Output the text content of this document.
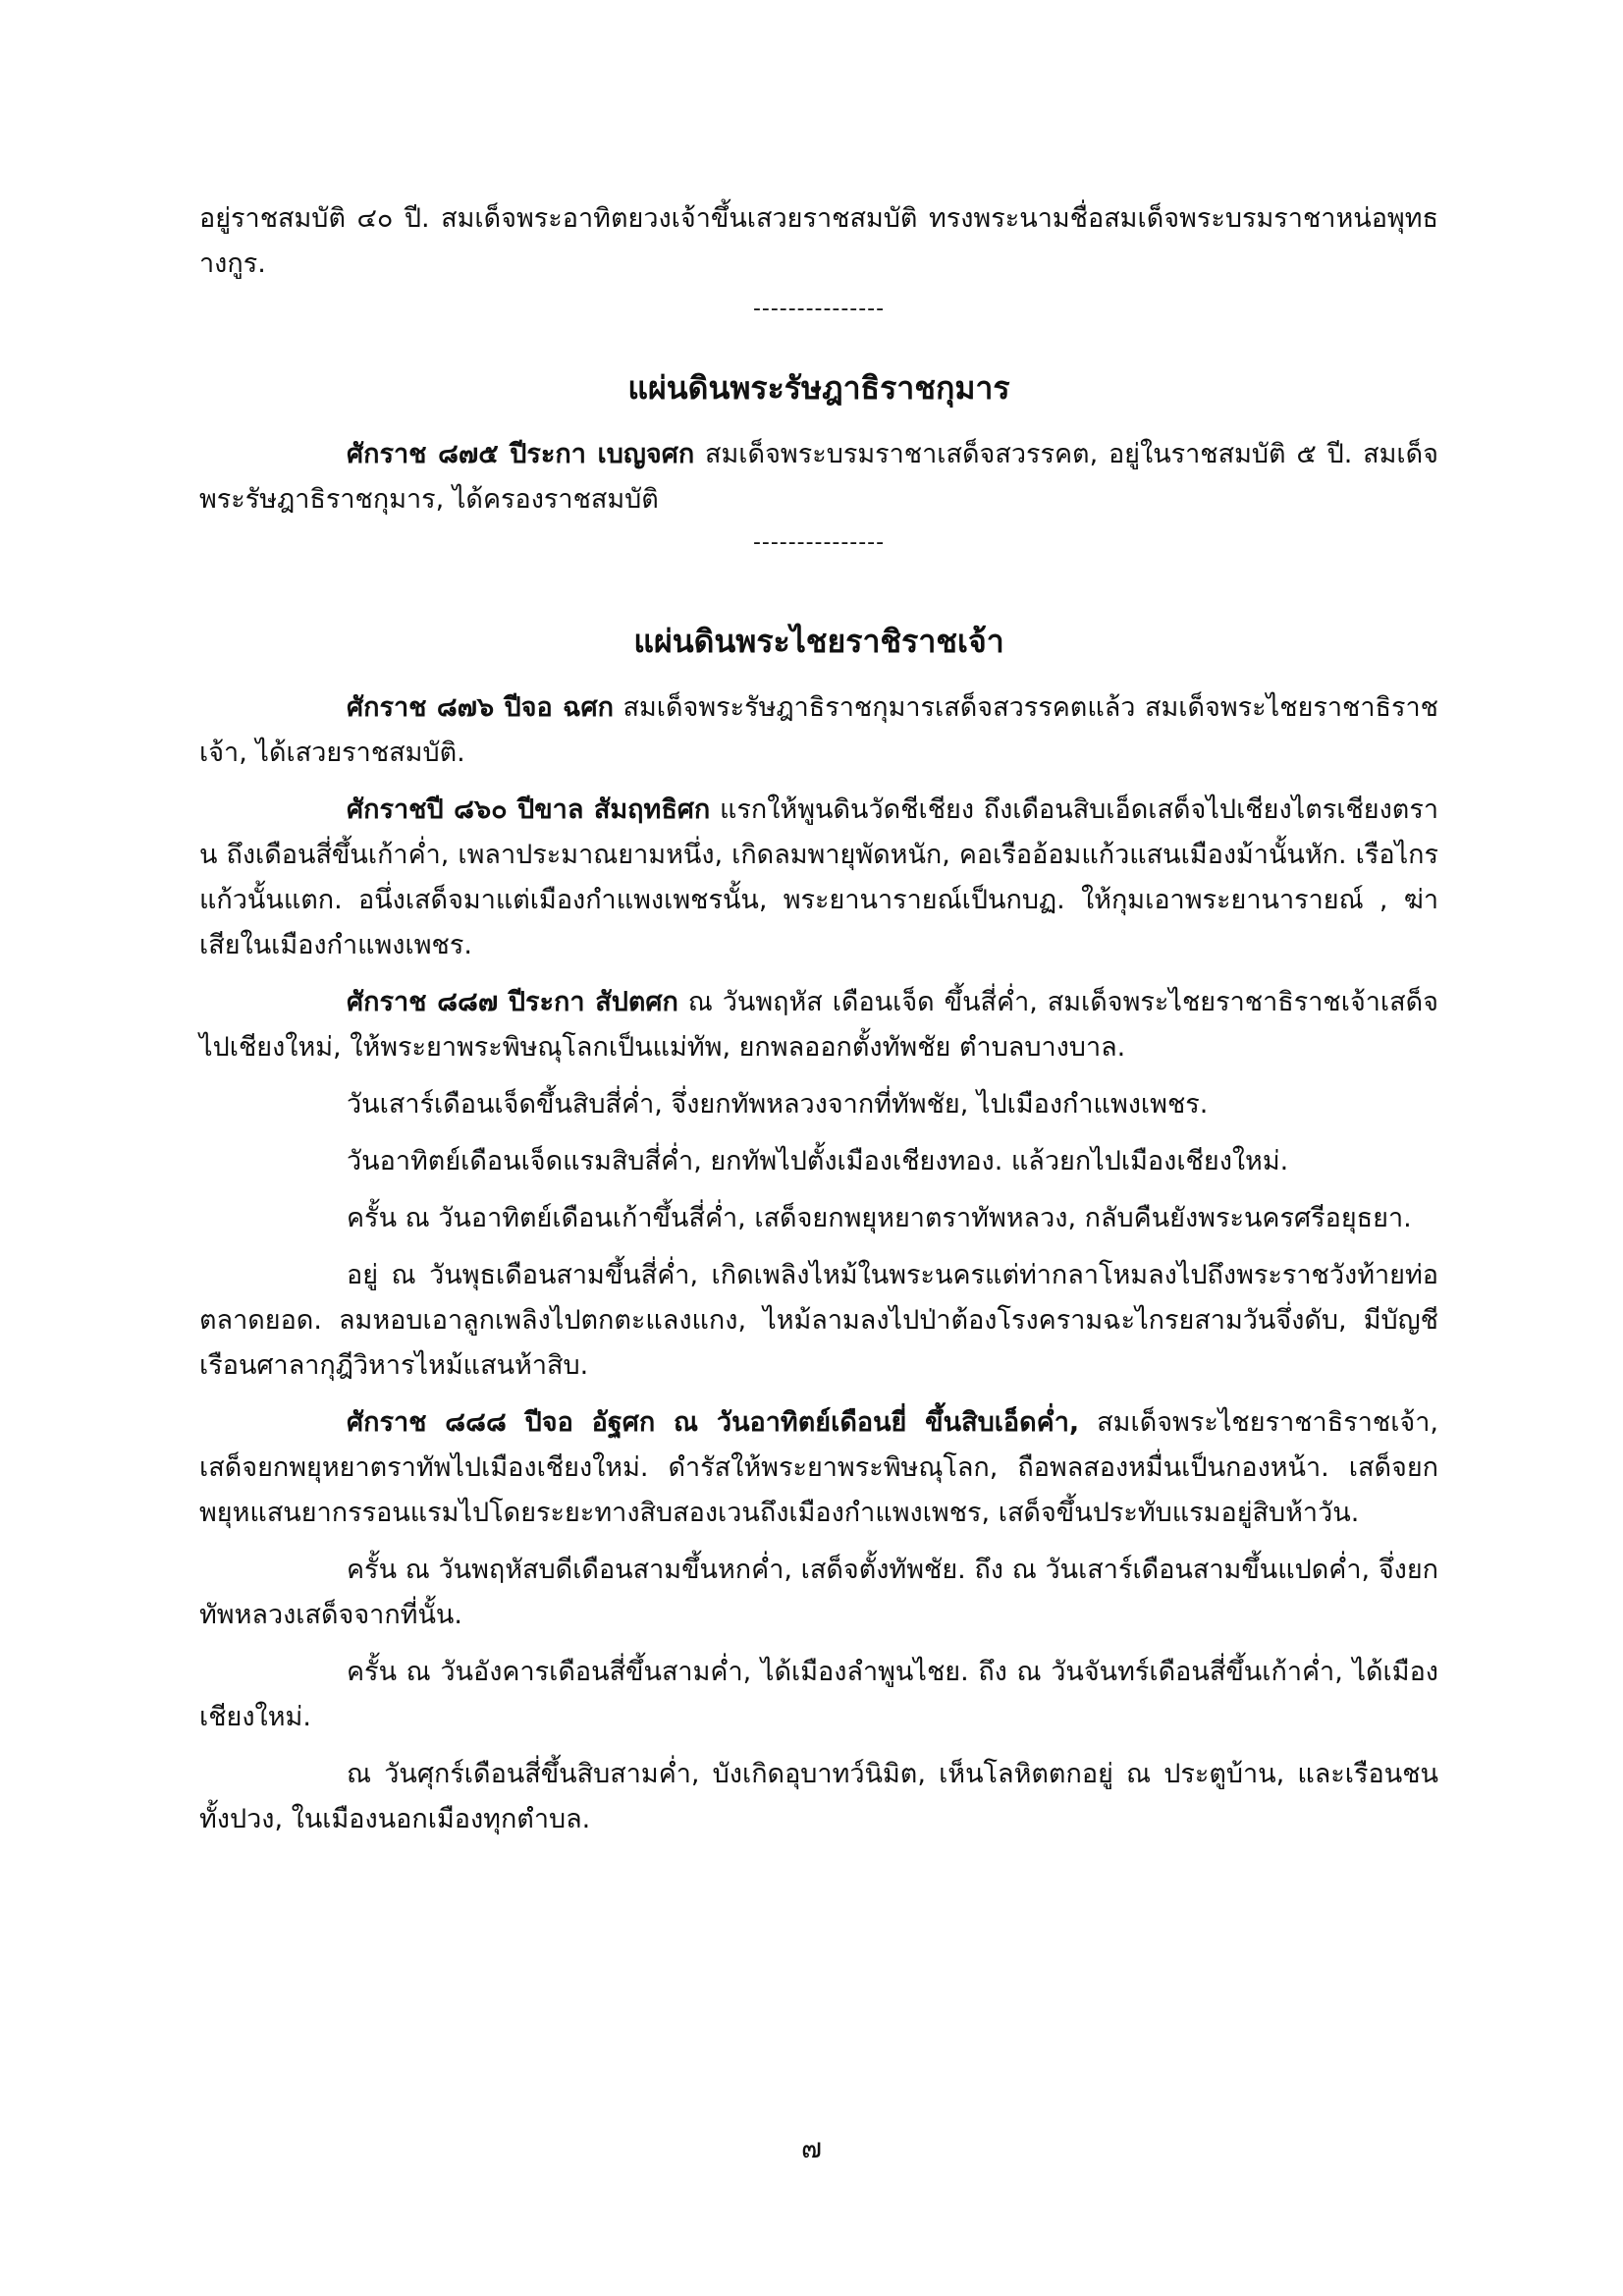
อยู่ราชสมบัติ ๔๐ ปี. สมเด็จพระอาทิตยวงเจ้าขึ้นเสวยราชสมบัติ ทรงพระนามชื่อสมเด็จพระบรมราชาหน่อพุทธางกูร.

---------------
แผ่นดินพระรัษฎาธิราชกุมาร

ศักราช ๘๗๕ ปีระกา เบญจศก สมเด็จพระบรมราชาเสด็จสวรรคต, อยู่ในราชสมบัติ ๕ ปี. สมเด็จพระรัษฎาธิราชกุมาร, ได้ครองราชสมบัติ

---------------
แผ่นดินพระไชยราชิราชเจ้า

ศักราช ๘๗๖ ปีจอ ฉศก สมเด็จพระรัษฎาธิราชกุมารเสด็จสวรรคตแล้ว สมเด็จพระไชยราชาธิราชเจ้า, ได้เสวยราชสมบัติ.

ศักราชปี ๘๖๐ ปีขาล สัมฤทธิศก แรกให้พูนดินวัดชีเชียง ถึงเดือนสิบเอ็ดเสด็จไปเชียงไตรเชียงตราน ถึงเดือนสี่ขึ้นเก้าค่ำ, เพลาประมาณยามหนึ่ง, เกิดลมพายุพัดหนัก, คอเรืออ้อมแก้วแสนเมืองม้านั้นหัก. เรือไกรแก้วนั้นแตก. อนึ่งเสด็จมาแต่เมืองกำแพงเพชรนั้น, พระยานารายณ์เป็นกบฏ. ให้กุมเอาพระยานารายณ์ , ฆ่าเสียในเมืองกำแพงเพชร.

ศักราช ๘๘๗ ปีระกา สัปตศก ณ วันพฤหัส เดือนเจ็ด ขึ้นสี่ค่ำ, สมเด็จพระไชยราชาธิราชเจ้าเสด็จไปเชียงใหม่, ให้พระยาพระพิษณุโลกเป็นแม่ทัพ, ยกพลออกตั้งทัพชัย ตำบลบางบาล.

วันเสาร์เดือนเจ็ดขึ้นสิบสี่ค่ำ, จึ่งยกทัพหลวงจากที่ทัพชัย, ไปเมืองกำแพงเพชร.

วันอาทิตย์เดือนเจ็ดแรมสิบสี่ค่ำ, ยกทัพไปตั้งเมืองเชียงทอง. แล้วยกไปเมืองเชียงใหม่.

ครั้น ณ วันอาทิตย์เดือนเก้าขึ้นสี่ค่ำ, เสด็จยกพยุหยาตราทัพหลวง, กลับคืนยังพระนครศรีอยุธยา.

อยู่ ณ วันพุธเดือนสามขึ้นสี่ค่ำ, เกิดเพลิงไหม้ในพระนครแต่ท่ากลาโหมลงไปถึงพระราชวังท้ายท่อตลาดยอด. ลมหอบเอาลูกเพลิงไปตกตะแลงแกง, ไหม้ลามลงไปป่าต้องโรงครามฉะไกรยสามวันจึ่งดับ, มีบัญชีเรือนศาลากุฎีวิหารไหม้แสนห้าสิบ.

ศักราช ๘๘๘ ปีจอ อัฐศก ณ วันอาทิตย์เดือนยี่ ขึ้นสิบเอ็ดค่ำ, สมเด็จพระไชยราชาธิราชเจ้า, เสด็จยกพยุหยาตราทัพไปเมืองเชียงใหม่. ดำรัสให้พระยาพระพิษณุโลก, ถือพลสองหมื่นเป็นกองหน้า. เสด็จยกพยุหแสนยากรรอนแรมไปโดยระยะทางสิบสองเวนถึงเมืองกำแพงเพชร, เสด็จขึ้นประทับแรมอยู่สิบห้าวัน.

ครั้น ณ วันพฤหัสบดีเดือนสามขึ้นหกค่ำ, เสด็จตั้งทัพชัย. ถึง ณ วันเสาร์เดือนสามขึ้นแปดค่ำ, จึ่งยกทัพหลวงเสด็จจากที่นั้น.

ครั้น ณ วันอังคารเดือนสี่ขึ้นสามค่ำ, ได้เมืองลำพูนไชย. ถึง ณ วันจันทร์เดือนสี่ขึ้นเก้าค่ำ, ได้เมืองเชียงใหม่.

ณ วันศุกร์เดือนสี่ขึ้นสิบสามค่ำ, บังเกิดอุบาทว์นิมิต, เห็นโลหิตตกอยู่ ณ ประตูบ้าน, และเรือนชนทั้งปวง, ในเมืองนอกเมืองทุกตำบล.

๗
